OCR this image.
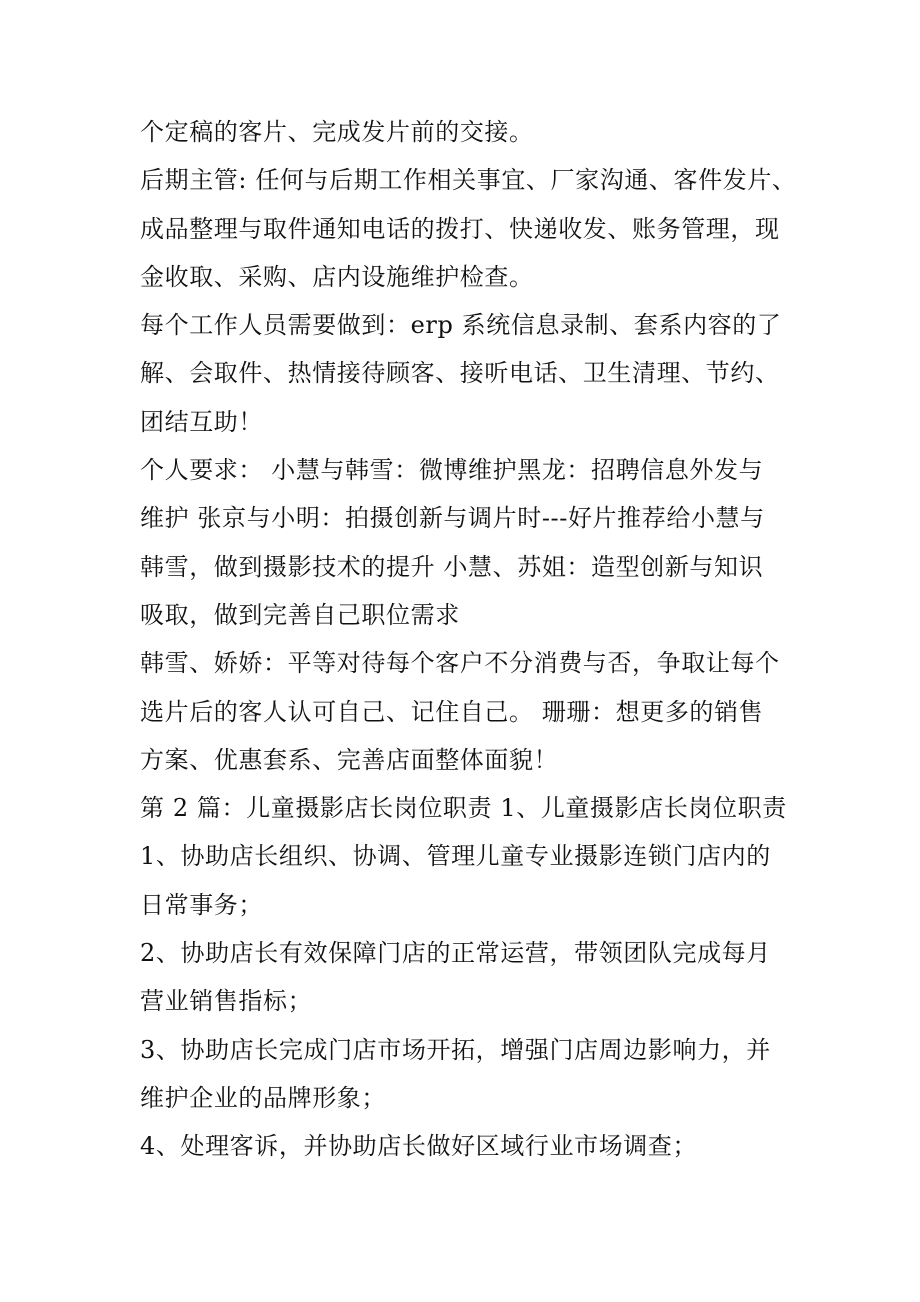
个定稿的客片、完成发片前的交接。
后期主管: 任何与后期工作相关事宜、厂家沟通、客件发片、
成品整理与取件通知电话的拨打、快递收发、账务管理，现
金收取、采购、店内设施维护检查。
每个工作人员需要做到：erp 系统信息录制、套系内容的了
解、会取件、热情接待顾客、接听电话、卫生清理、节约、
团结互助！
个人要求： 小慧与韩雪：微博维护黑龙：招聘信息外发与
维护 张京与小明：拍摄创新与调片时---好片推荐给小慧与
韩雪，做到摄影技术的提升 小慧、苏姐：造型创新与知识
吸取，做到完善自己职位需求
韩雪、娇娇：平等对待每个客户不分消费与否，争取让每个
选片后的客人认可自己、记住自己。 珊珊：想更多的销售
方案、优惠套系、完善店面整体面貌！
第 2 篇：儿童摄影店长岗位职责 1、儿童摄影店长岗位职责
1、协助店长组织、协调、管理儿童专业摄影连锁门店内的
日常事务；
2、协助店长有效保障门店的正常运营，带领团队完成每月
营业销售指标；
3、协助店长完成门店市场开拓，增强门店周边影响力，并
维护企业的品牌形象；
4、处理客诉，并协助店长做好区域行业市场调查；
